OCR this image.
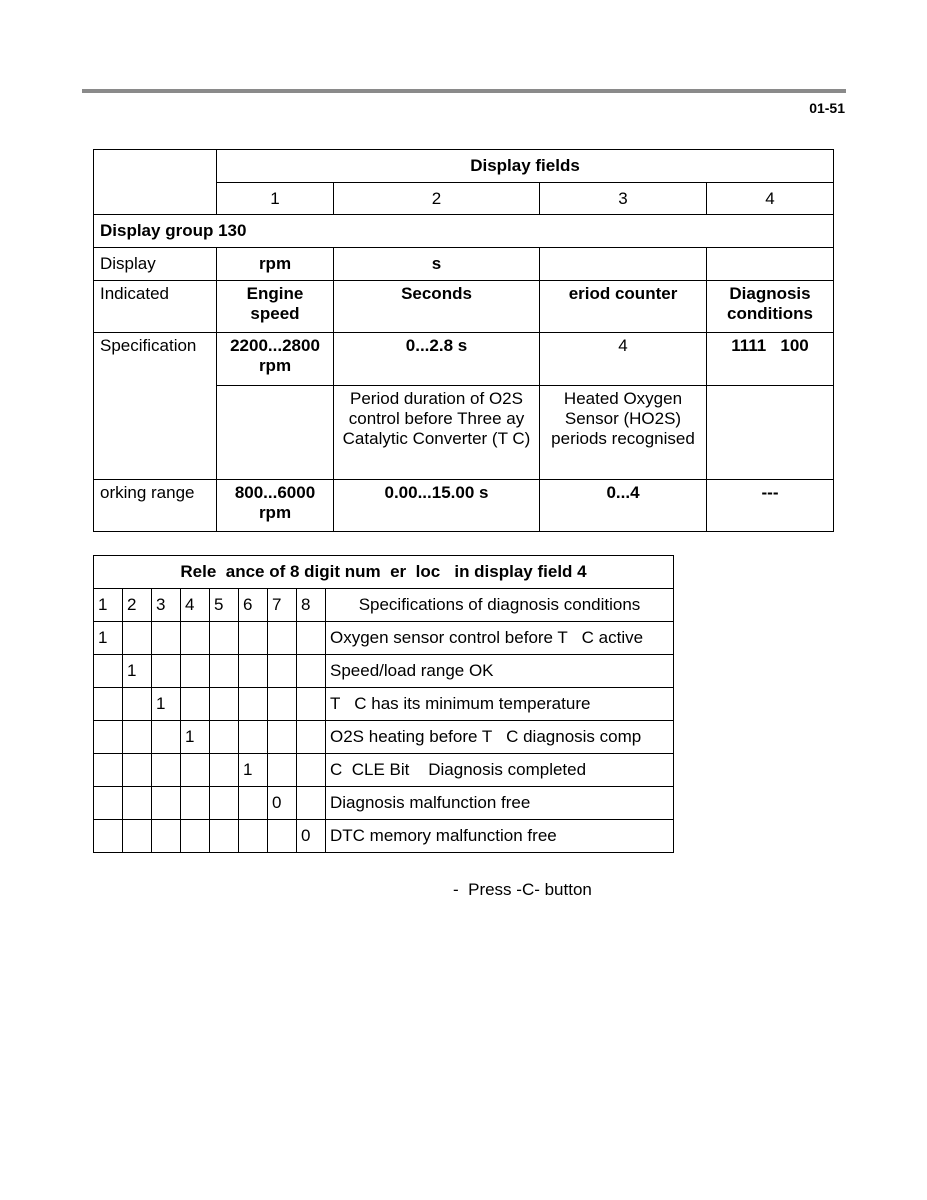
01-51
	Display fields			
	1	2	3	4
Display group 130				
Display	rpm	s		
Indicated	Engine speed	Seconds	eriod counter	Diagnosis conditions
Specification	2200...2800 rpm	0...2.8 s	4	1111   100
		Period duration of O2S control before Three ay Catalytic Converter (T C)	Heated Oxygen Sensor (HO2S) periods recognised	
orking range	800...6000 rpm	0.00...15.00 s	0...4	---
Rele  ance of 8 digit num  er  loc   in display field 4								
1	2	3	4	5	6	7	8	Specifications of diagnosis conditions
1								Oxygen sensor control before T   C active
	1							Speed/load range OK
		1						T   C has its minimum temperature
			1					O2S heating before T   C diagnosis comp
					1			C  CLE Bit    Diagnosis completed
						0		Diagnosis malfunction free
							0	DTC memory malfunction free
-  Press -C- button
